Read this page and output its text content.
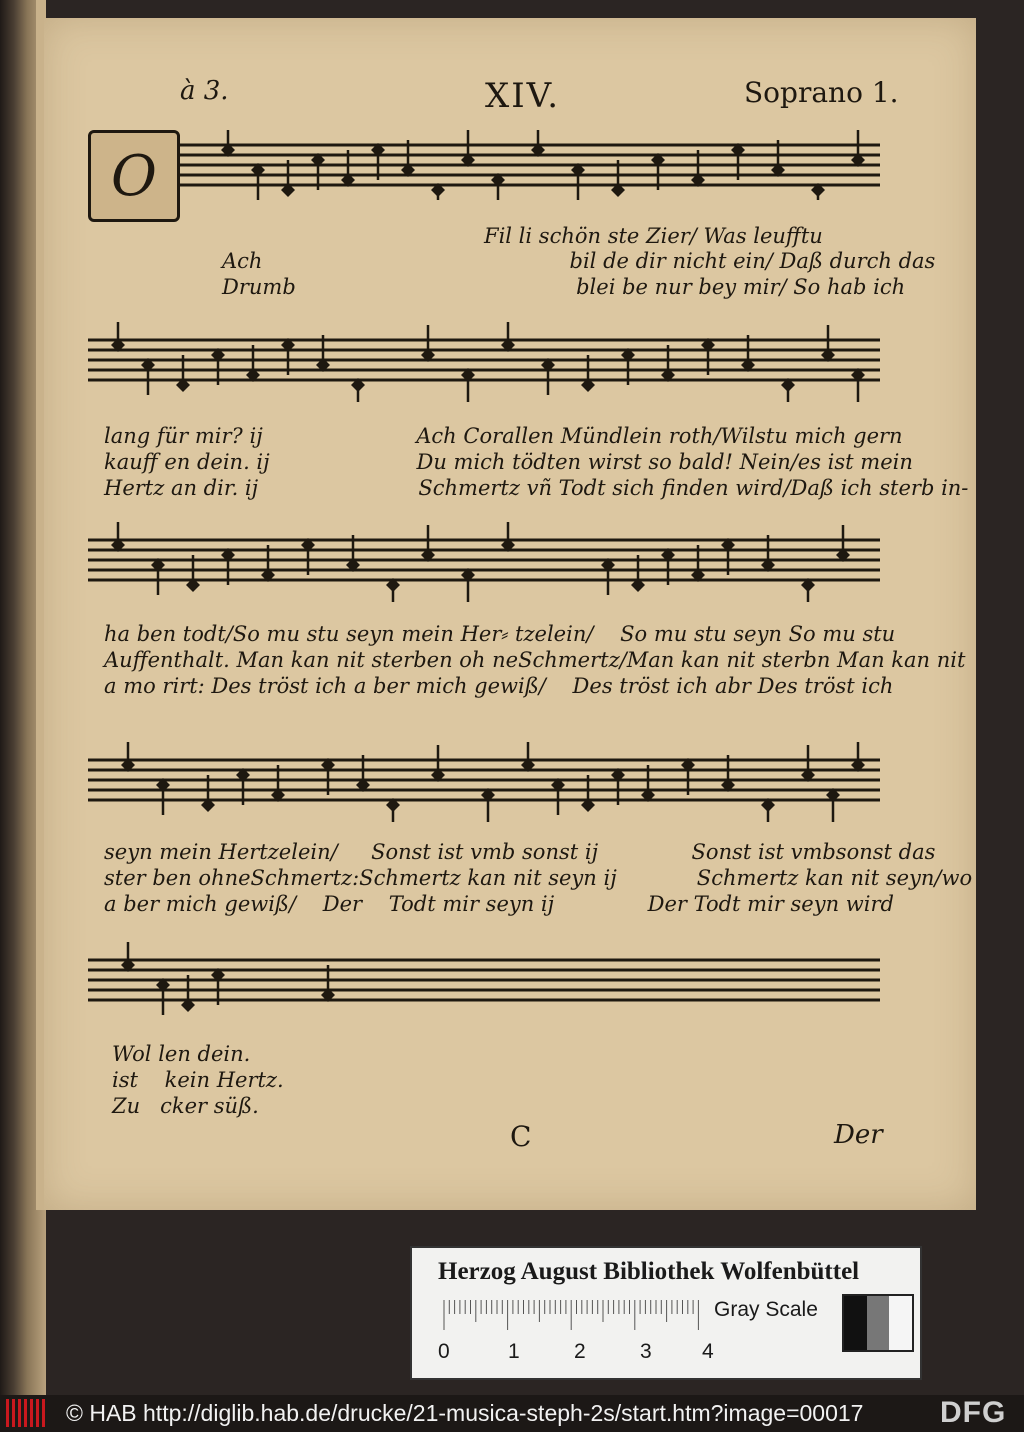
à 3.	XIV.	Soprano 1.
O
Fil li schön ste Zier/ Was leufftu
Ach                                              bil de dir nicht ein/ Daß durch das
Drumb                                          blei be nur bey mir/ So hab ich
lang für mir? ij                       Ach Corallen Mündlein roth/Wilstu mich gern
kauff en dein. ij                      Du mich tödten wirst so bald! Nein/es ist mein
Hertz an dir. ij                        Schmertz vñ Todt sich finden wird/Daß ich sterb in-
ha ben todt/So mu stu seyn mein Her⸗ tzelein/    So mu stu seyn So mu stu
Auffenthalt. Man kan nit sterben oh neSchmertz/Man kan nit sterbn Man kan nit
a mo rirt: Des tröst ich a ber mich gewiß/    Des tröst ich abr Des tröst ich
seyn mein Hertzelein/     Sonst ist vmb sonst ij              Sonst ist vmbsonst das
ster ben ohneSchmertz:Schmertz kan nit seyn ij            Schmertz kan nit seyn/wo
a ber mich gewiß/    Der    Todt mir seyn ij              Der Todt mir seyn wird
Wol len dein.
ist    kein Hertz.
Zu   cker süß.
C	Der
Herzog August Bibliothek Wolfenbüttel
Gray Scale
0	1	2	3 4
© HAB http://diglib.hab.de/drucke/21-musica-steph-2s/start.htm?image=00017	DFG
